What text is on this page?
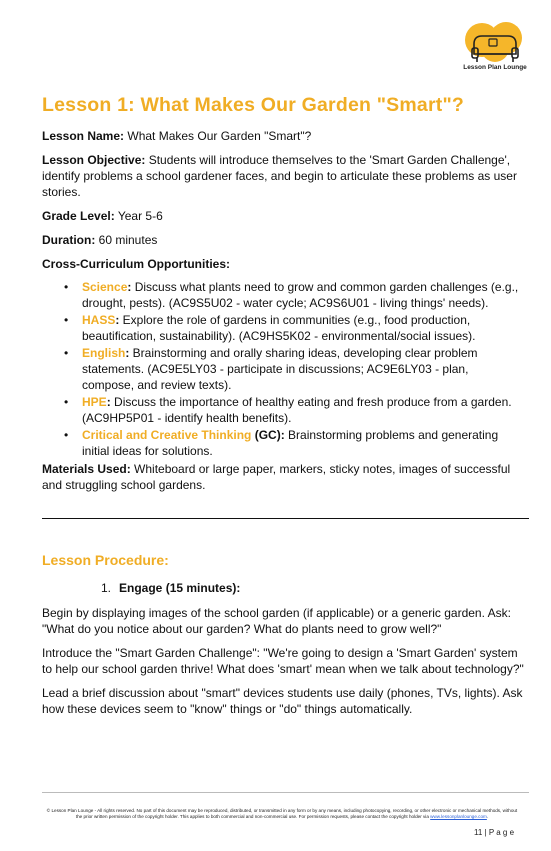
Lesson Plan Lounge
Lesson 1: What Makes Our Garden "Smart"?

Lesson Name: What Makes Our Garden "Smart"?

Lesson Objective: Students will introduce themselves to the 'Smart Garden Challenge', identify problems a school gardener faces, and begin to articulate these problems as user stories.

Grade Level: Year 5-6

Duration: 60 minutes

Cross-Curriculum Opportunities:

• Science: Discuss what plants need to grow and common garden challenges (e.g., drought, pests). (AC9S5U02 - water cycle; AC9S6U01 - living things' needs).
• HASS: Explore the role of gardens in communities (e.g., food production, beautification, sustainability). (AC9HS5K02 - environmental/social issues).
• English: Brainstorming and orally sharing ideas, developing clear problem statements. (AC9E5LY03 - participate in discussions; AC9E6LY03 - plan, compose, and review texts).
• HPE: Discuss the importance of healthy eating and fresh produce from a garden. (AC9HP5P01 - identify health benefits).
• Critical and Creative Thinking (GC): Brainstorming problems and generating initial ideas for solutions.

Materials Used: Whiteboard or large paper, markers, sticky notes, images of successful and struggling school gardens.

Lesson Procedure:
1. Engage (15 minutes):

Begin by displaying images of the school garden (if applicable) or a generic garden. Ask: "What do you notice about our garden? What do plants need to grow well?"

Introduce the "Smart Garden Challenge": "We're going to design a 'Smart Garden' system to help our school garden thrive! What does 'smart' mean when we talk about technology?"

Lead a brief discussion about "smart" devices students use daily (phones, TVs, lights). Ask how these devices seem to "know" things or "do" things automatically.

© Lesson Plan Lounge - All rights reserved. No part of this document may be reproduced, distributed, or transmitted in any form or by any means, including photocopying, recording, or other electronic or mechanical methods, without the prior written permission of the copyright holder. This applies to both commercial and non-commercial use. For permission requests, please contact the copyright holder via www.lessonplanlounge.com.
11 | P a g e
